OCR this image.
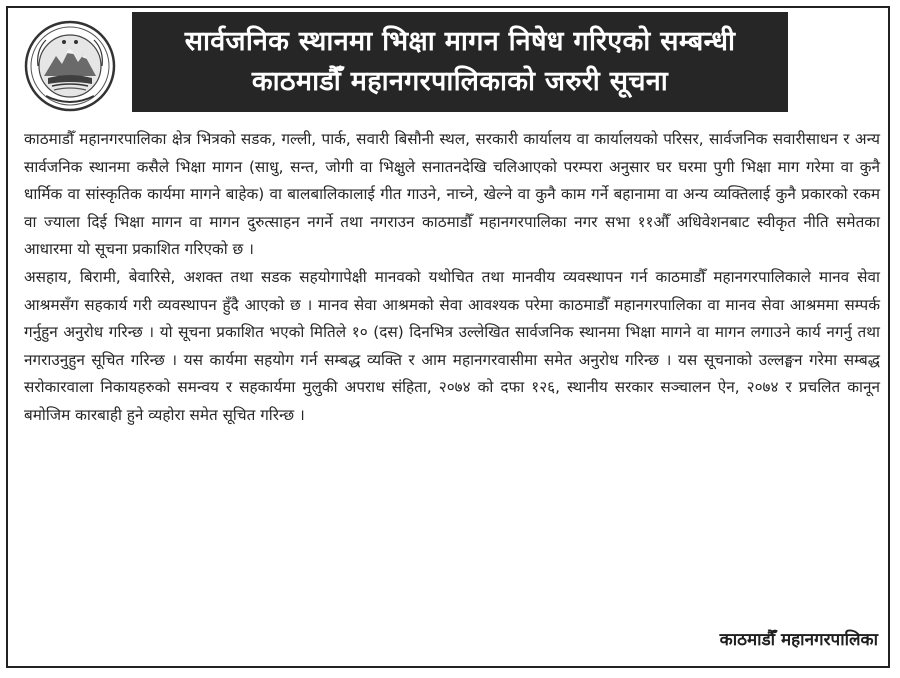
सार्वजनिक स्थानमा भिक्षा मागन निषेध गरिएको सम्बन्धी
काठमाडौँ महानगरपालिकाको जरुरी सूचना

काठमाडौँ महानगरपालिका क्षेत्र भित्रको सडक, गल्ली, पार्क, सवारी बिसौनी स्थल, सरकारी कार्यालय वा कार्यालयको परिसर, सार्वजनिक सवारीसाधन र अन्य सार्वजनिक स्थानमा कसैले भिक्षा मागन (साधु, सन्त, जोगी वा भिक्षुले सनातनदेखि चलिआएको परम्परा अनुसार घर घरमा पुगी भिक्षा माग गरेमा वा कुनै धार्मिक वा सांस्कृतिक कार्यमा मागने बाहेक) वा बालबालिकालाई गीत गाउने, नाच्ने, खेल्ने वा कुनै काम गर्ने बहानामा वा अन्य व्यक्तिलाई कुनै प्रकारको रकम वा ज्याला दिई भिक्षा मागन वा मागन दुरुत्साहन नगर्ने तथा नगराउन काठमाडौँ महानगरपालिका नगर सभा ११औँ अधिवेशनबाट स्वीकृत नीति समेतका आधारमा यो सूचना प्रकाशित गरिएको छ ।

असहाय, बिरामी, बेवारिसे, अशक्त तथा सडक सहयोगापेक्षी मानवको यथोचित तथा मानवीय व्यवस्थापन गर्न काठमाडौँ महानगरपालिकाले मानव सेवा आश्रमसँग सहकार्य गरी व्यवस्थापन हुँदै आएको छ । मानव सेवा आश्रमको सेवा आवश्यक परेमा काठमाडौँ महानगरपालिका वा मानव सेवा आश्रममा सम्पर्क गर्नुहुन अनुरोध गरिन्छ । यो सूचना प्रकाशित भएको मितिले १० (दस) दिनभित्र उल्लेखित सार्वजनिक स्थानमा भिक्षा मागने वा मागन लगाउने कार्य नगर्नु तथा नगराउनुहुन सूचित गरिन्छ । यस कार्यमा सहयोग गर्न सम्बद्ध व्यक्ति र आम महानगरवासीमा समेत अनुरोध गरिन्छ । यस सूचनाको उल्लङ्घन गरेमा सम्बद्ध सरोकारवाला निकायहरुको समन्वय र सहकार्यमा मुलुकी अपराध संहिता, २०७४ को दफा १२६, स्थानीय सरकार सञ्चालन ऐन, २०७४ र प्रचलित कानून बमोजिम कारबाही हुने व्यहोरा समेत सूचित गरिन्छ ।

काठमाडौँ महानगरपालिका
